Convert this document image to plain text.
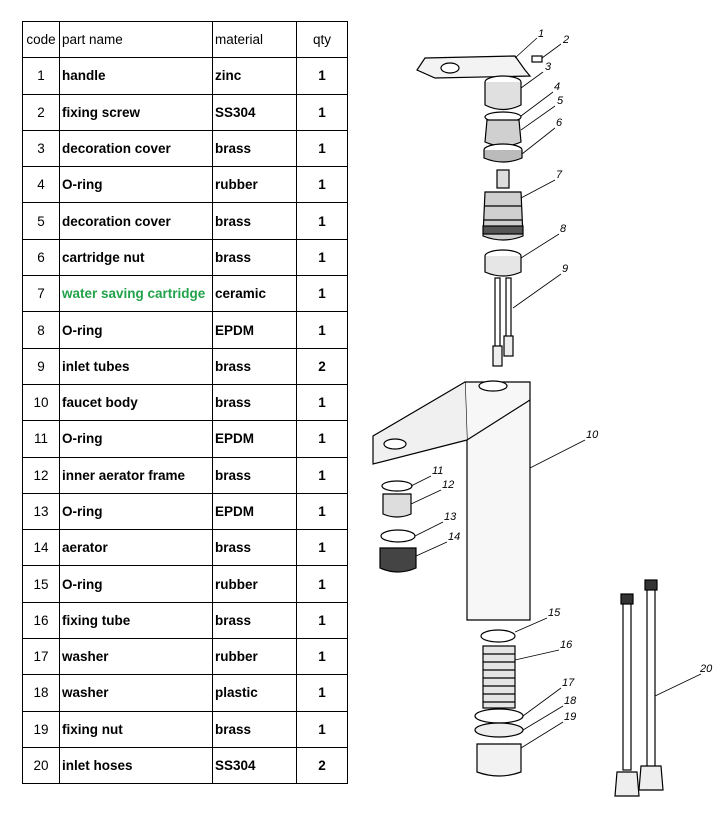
code	part name	material	qty
1	handle	zinc	1
2	fixing screw	SS304	1
3	decoration cover	brass	1
4	O-ring	rubber	1
5	decoration cover	brass	1
6	cartridge nut	brass	1
7	water saving cartridge	ceramic	1
8	O-ring	EPDM	1
9	inlet tubes	brass	2
10	faucet body	brass	1
11	O-ring	EPDM	1
12	inner aerator frame	brass	1
13	O-ring	EPDM	1
14	aerator	brass	1
15	O-ring	rubber	1
16	fixing tube	brass	1
17	washer	rubber	1
18	washer	plastic	1
19	fixing nut	brass	1
20	inlet hoses	SS304	2
1 2
3
4
5
6
7
8
9
10
11
12
13
14
15
16
17
18
19
20
